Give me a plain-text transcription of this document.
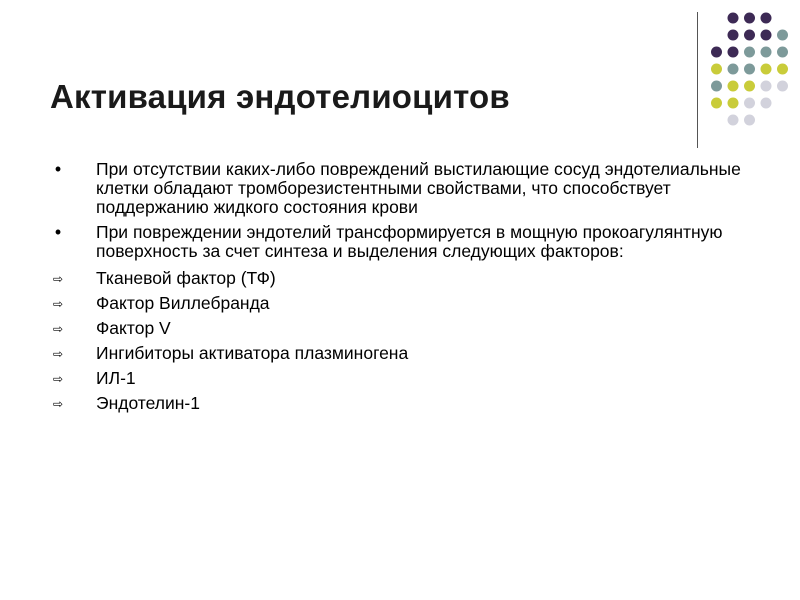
Активация эндотелиоцитов
•	При отсутствии каких-либо повреждений выстилающие сосуд эндотелиальные клетки обладают тромборезистентными свойствами, что способствует поддержанию жидкого состояния крови
•	При повреждении эндотелий трансформируется в мощную прокоагулянтную поверхность за счет синтеза и выделения следующих факторов:
⇨ Тканевой фактор (ТФ)
⇨ Фактор Виллебранда
⇨ Фактор V
⇨ Ингибиторы активатора плазминогена
⇨ ИЛ-1
⇨ Эндотелин-1
